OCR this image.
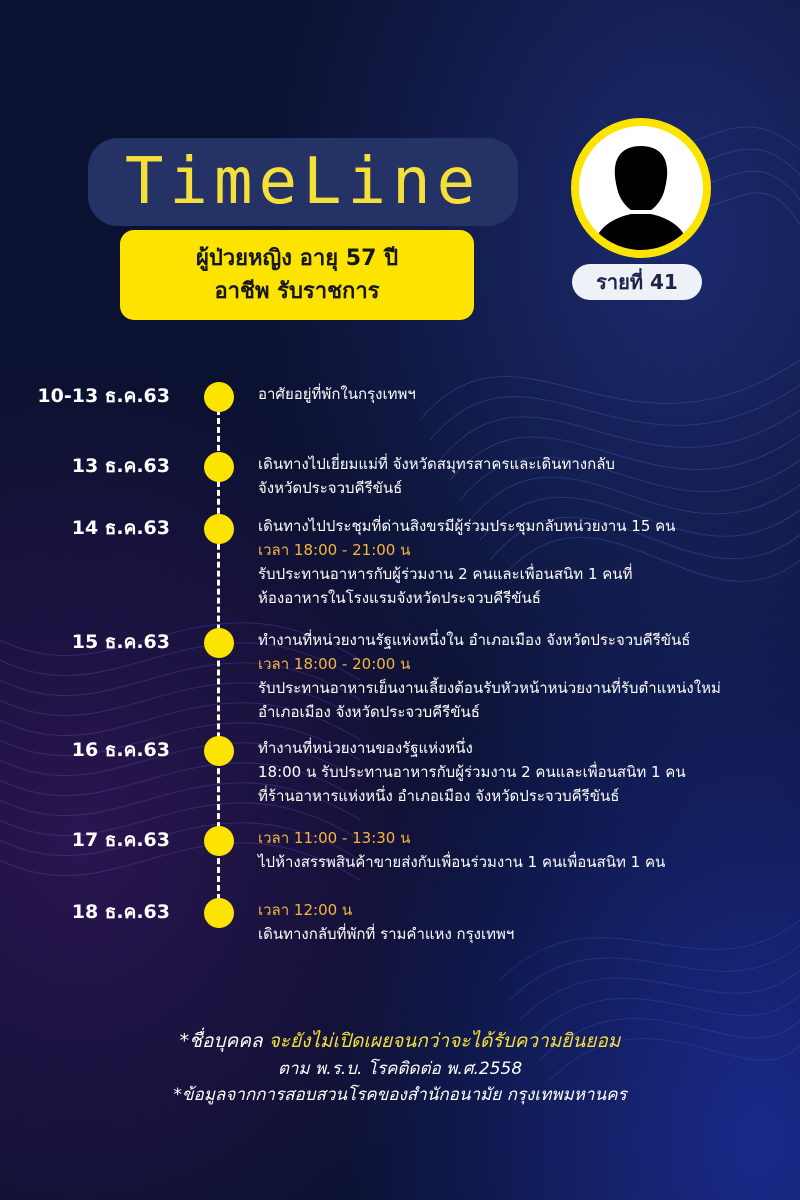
TimeLine
ผู้ป่วยหญิง อายุ 57 ปี
อาชีพ รับราชการ	รายที่ 41
10-13 ธ.ค.63	อาศัยอยู่ที่พักในกรุงเทพฯ
13 ธ.ค.63	เดินทางไปเยี่ยมแม่ที่ จังหวัดสมุทรสาครและเดินทางกลับ
จังหวัดประจวบคีรีขันธ์
14 ธ.ค.63	เดินทางไปประชุมที่ด่านสิงขรมีผู้ร่วมประชุมกลับหน่วยงาน 15 คน
เวลา 18:00 - 21:00 น
รับประทานอาหารกับผู้ร่วมงาน 2 คนและเพื่อนสนิท 1 คนที่
ห้องอาหารในโรงแรมจังหวัดประจวบคีรีขันธ์
15 ธ.ค.63	ทำงานที่หน่วยงานรัฐแห่งหนึ่งใน อำเภอเมือง จังหวัดประจวบคีรีขันธ์
เวลา 18:00 - 20:00 น
รับประทานอาหารเย็นงานเลี้ยงต้อนรับหัวหน้าหน่วยงานที่รับตำแหน่งใหม่
อำเภอเมือง จังหวัดประจวบคีรีขันธ์
16 ธ.ค.63	ทำงานที่หน่วยงานของรัฐแห่งหนึ่ง
18:00 น รับประทานอาหารกับผู้ร่วมงาน 2 คนและเพื่อนสนิท 1 คน
ที่ร้านอาหารแห่งหนึ่ง อำเภอเมือง จังหวัดประจวบคีรีขันธ์
17 ธ.ค.63	เวลา 11:00 - 13:30 น
ไปห้างสรรพสินค้าขายส่งกับเพื่อนร่วมงาน 1 คนเพื่อนสนิท 1 คน
18 ธ.ค.63	เวลา 12:00 น
เดินทางกลับที่พักที่ รามคำแหง กรุงเทพฯ
*ชื่อบุคคล จะยังไม่เปิดเผยจนกว่าจะได้รับความยินยอม
ตาม พ.ร.บ. โรคติดต่อ พ.ศ.2558
*ข้อมูลจากการสอบสวนโรคของสำนักอนามัย กรุงเทพมหานคร
